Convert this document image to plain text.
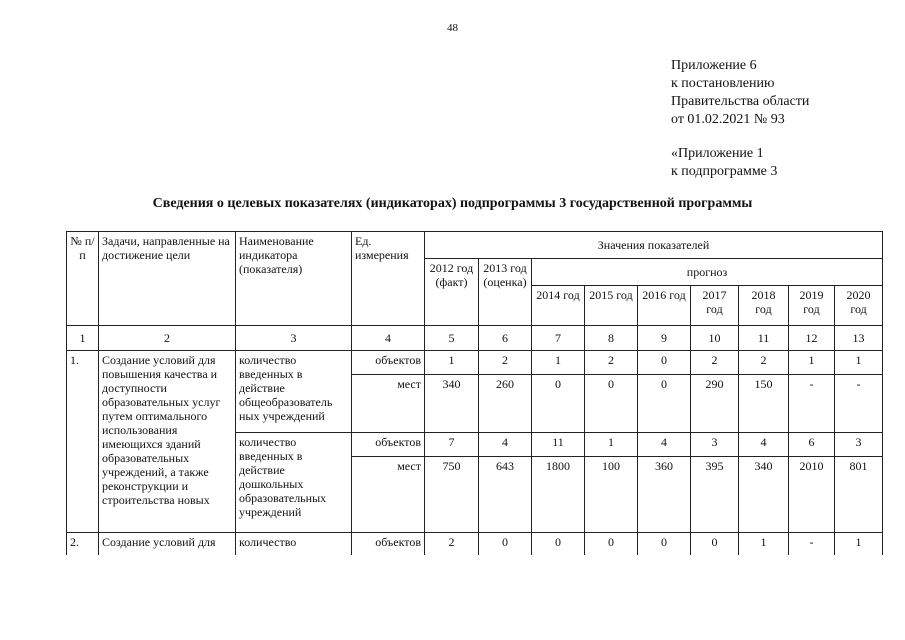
48
Приложение 6
к постановлению
Правительства области
от 01.02.2021 № 93
«Приложение 1
к подпрограмме 3
Сведения о целевых показателях (индикаторах) подпрограммы 3 государственной программы
№ п/п	Задачи, направленные на достижение цели	Наименование индикатора (показателя)	Ед. измерения	Значения показателей								
				2012 год (факт)	2013 год (оценка)	прогноз						
						2014 год	2015 год	2016 год	2017 год	2018 год	2019 год	2020 год
1	2	3	4	5	6	7	8	9	10	11	12	13
1.	Создание условий для повышения качества и доступности образовательных услуг путем оптимального использования имеющихся зданий образовательных учреждений, а также реконструкции и строительства новых	количество введенных в действие общеобразователь ных учреждений	объектов	1	2	1	2	0	2	2	1	1
			мест	340	260	0	0	0	290	150	-	-
		количество введенных в действие дошкольных образовательных учреждений	объектов	7	4	11	1	4	3	4	6	3
			мест	750	643	1800	100	360	395	340	2010	801
2.	Создание условий для	количество	объектов	2	0	0	0	0	0	1	-	1
